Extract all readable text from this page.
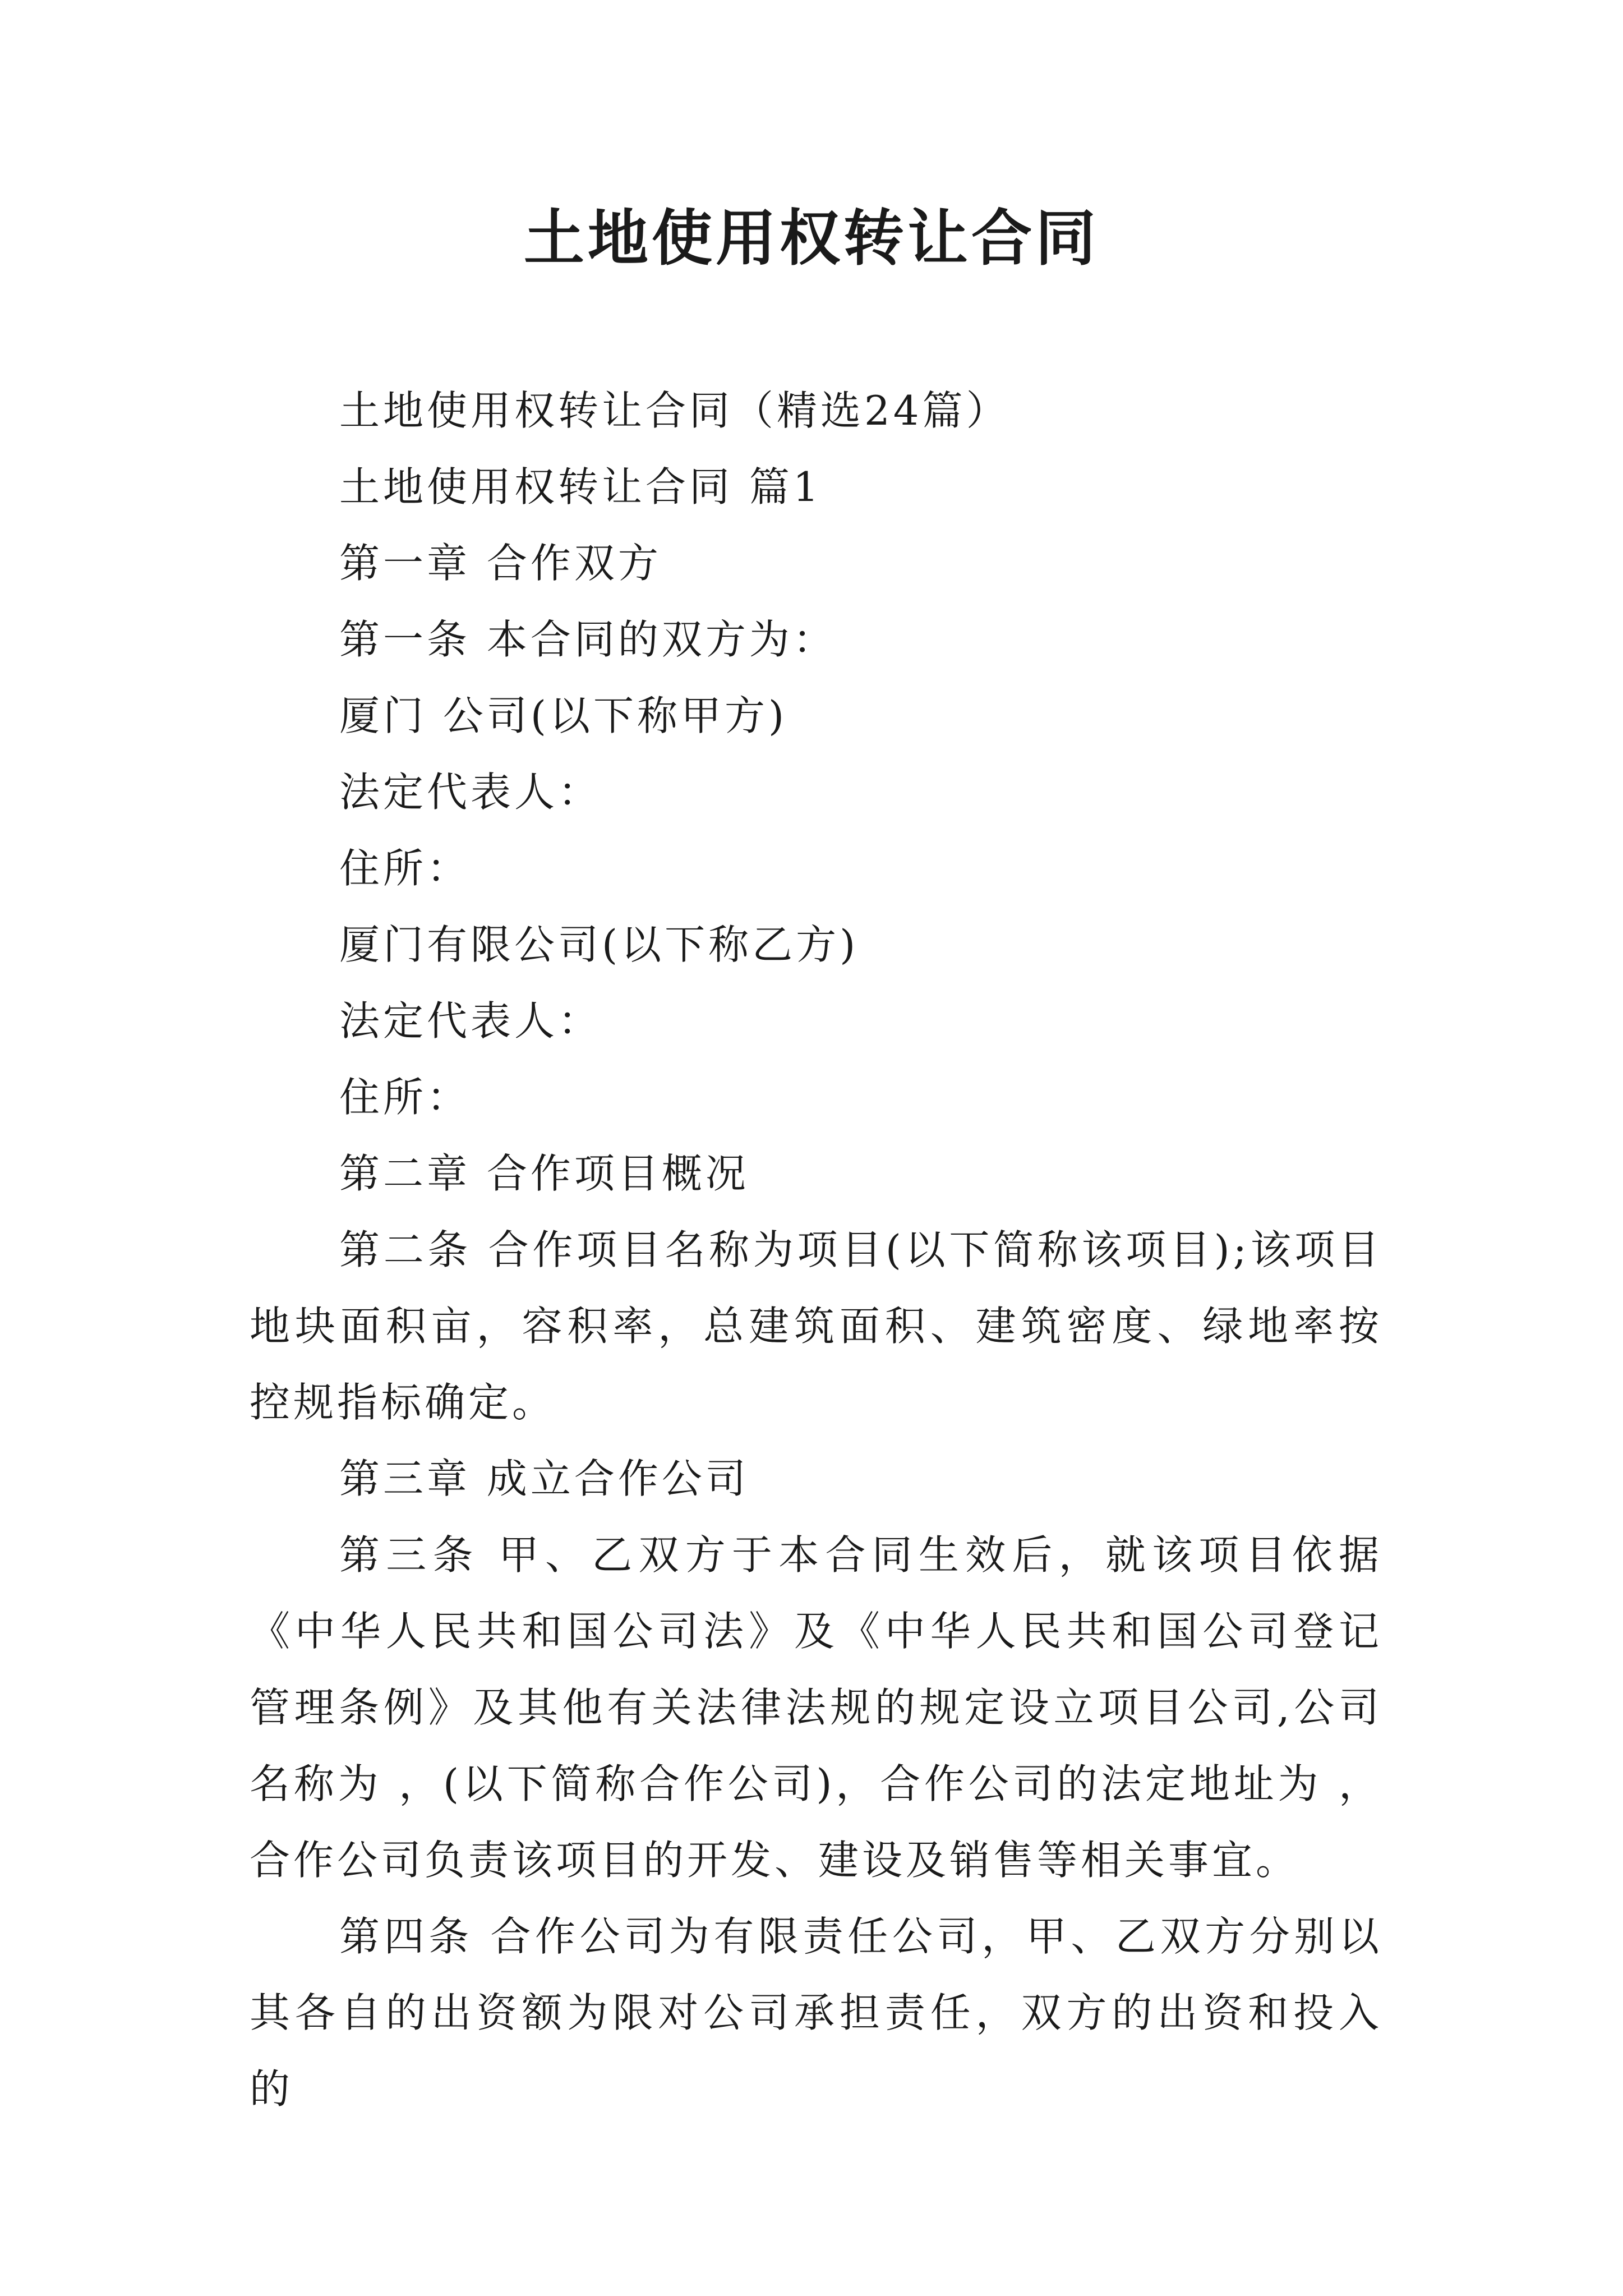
土地使用权转让合同
土地使用权转让合同（精选24篇）
土地使用权转让合同 篇1
第一章 合作双方
第一条 本合同的双方为：
厦门 公司(以下称甲方)
法定代表人：
住所：
厦门有限公司(以下称乙方)
法定代表人：
住所：
第二章 合作项目概况
第二条 合作项目名称为项目(以下简称该项目);该项目地块面积亩，容积率，总建筑面积、建筑密度、绿地率按控规指标确定。
第三章 成立合作公司
第三条 甲、乙双方于本合同生效后，就该项目依据《中华人民共和国公司法》及《中华人民共和国公司登记管理条例》及其他有关法律法规的规定设立项目公司,公司名称为 ，(以下简称合作公司)，合作公司的法定地址为 ，合作公司负责该项目的开发、建设及销售等相关事宜。
第四条 合作公司为有限责任公司，甲、乙双方分别以其各自的出资额为限对公司承担责任，双方的出资和投入的
